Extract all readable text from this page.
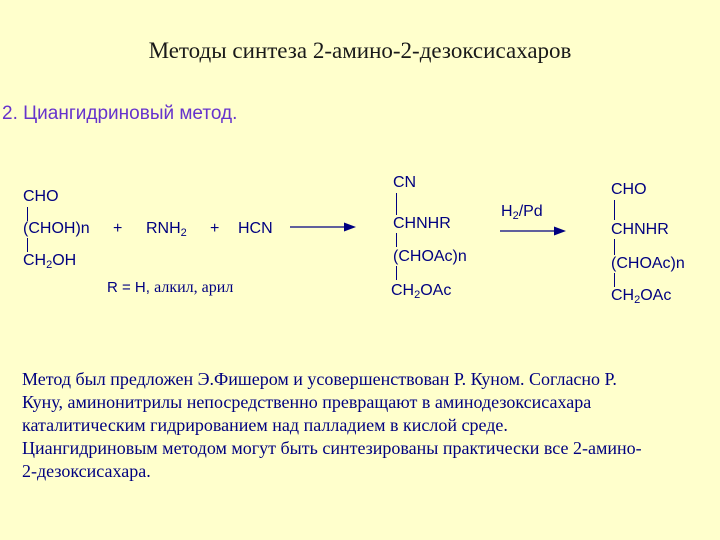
Методы синтеза 2-амино-2-дезоксисахаров
2. Циангидриновый метод.
CHO
(CHOH)n
$CH_2OH$
+ $RNH_2$ + HCN
R = H, алкил, арил
CN
CHNHR
(CHOAc)n
$CH_2OAc$
$H_2/Pd$
CHO
CHNHR
(CHOAc)n
$CH_2OAc$
Метод был предложен Э.Фишером и усовершенствован Р. Куном. Согласно Р.
Куну, аминонитрилы непосредственно превращают в аминодезоксисахара
каталитическим гидрированием над палладием в кислой среде.
Циангидриновым методом могут быть синтезированы практически все 2-амино-
2-дезоксисахара.
